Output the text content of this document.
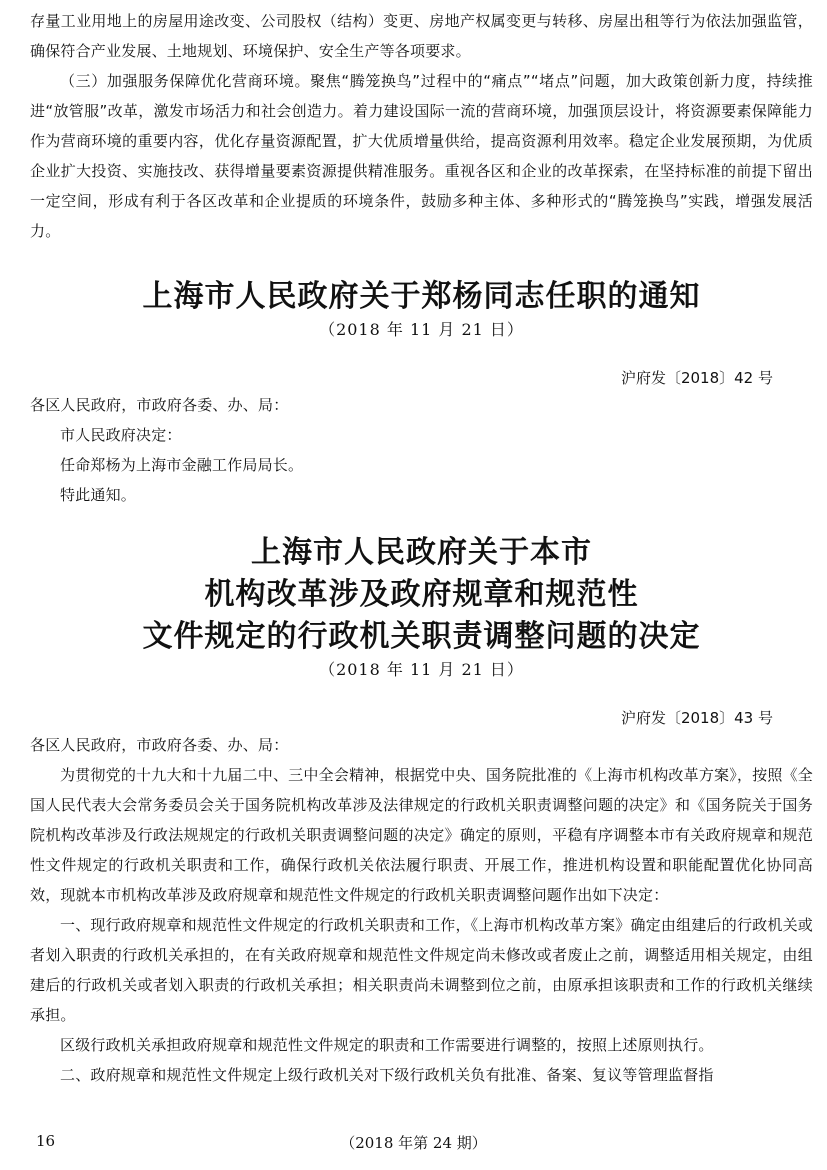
存量工业用地上的房屋用途改变、公司股权（结构）变更、房地产权属变更与转移、房屋出租等行为依法加强监管，确保符合产业发展、土地规划、环境保护、安全生产等各项要求。

（三）加强服务保障优化营商环境。聚焦“腾笼换鸟”过程中的“痛点”“堵点”问题，加大政策创新力度，持续推进“放管服”改革，激发市场活力和社会创造力。着力建设国际一流的营商环境，加强顶层设计，将资源要素保障能力作为营商环境的重要内容，优化存量资源配置，扩大优质增量供给，提高资源利用效率。稳定企业发展预期，为优质企业扩大投资、实施技改、获得增量要素资源提供精准服务。重视各区和企业的改革探索，在坚持标准的前提下留出一定空间，形成有利于各区改革和企业提质的环境条件，鼓励多种主体、多种形式的“腾笼换鸟”实践，增强发展活力。

上海市人民政府关于郑杨同志任职的通知

（2018 年 11 月 21 日）

沪府发〔2018〕42 号

各区人民政府，市政府各委、办、局：

市人民政府决定：

任命郑杨为上海市金融工作局局长。

特此通知。

上海市人民政府关于本市

机构改革涉及政府规章和规范性

文件规定的行政机关职责调整问题的决定

（2018 年 11 月 21 日）

沪府发〔2018〕43 号

各区人民政府，市政府各委、办、局：

为贯彻党的十九大和十九届二中、三中全会精神，根据党中央、国务院批准的《上海市机构改革方案》，按照《全国人民代表大会常务委员会关于国务院机构改革涉及法律规定的行政机关职责调整问题的决定》和《国务院关于国务院机构改革涉及行政法规规定的行政机关职责调整问题的决定》确定的原则，平稳有序调整本市有关政府规章和规范性文件规定的行政机关职责和工作，确保行政机关依法履行职责、开展工作，推进机构设置和职能配置优化协同高效，现就本市机构改革涉及政府规章和规范性文件规定的行政机关职责调整问题作出如下决定：

一、现行政府规章和规范性文件规定的行政机关职责和工作，《上海市机构改革方案》确定由组建后的行政机关或者划入职责的行政机关承担的，在有关政府规章和规范性文件规定尚未修改或者废止之前，调整适用相关规定，由组建后的行政机关或者划入职责的行政机关承担；相关职责尚未调整到位之前，由原承担该职责和工作的行政机关继续承担。

区级行政机关承担政府规章和规范性文件规定的职责和工作需要进行调整的，按照上述原则执行。

二、政府规章和规范性文件规定上级行政机关对下级行政机关负有批准、备案、复议等管理监督指

16	（2018 年第 24 期）
